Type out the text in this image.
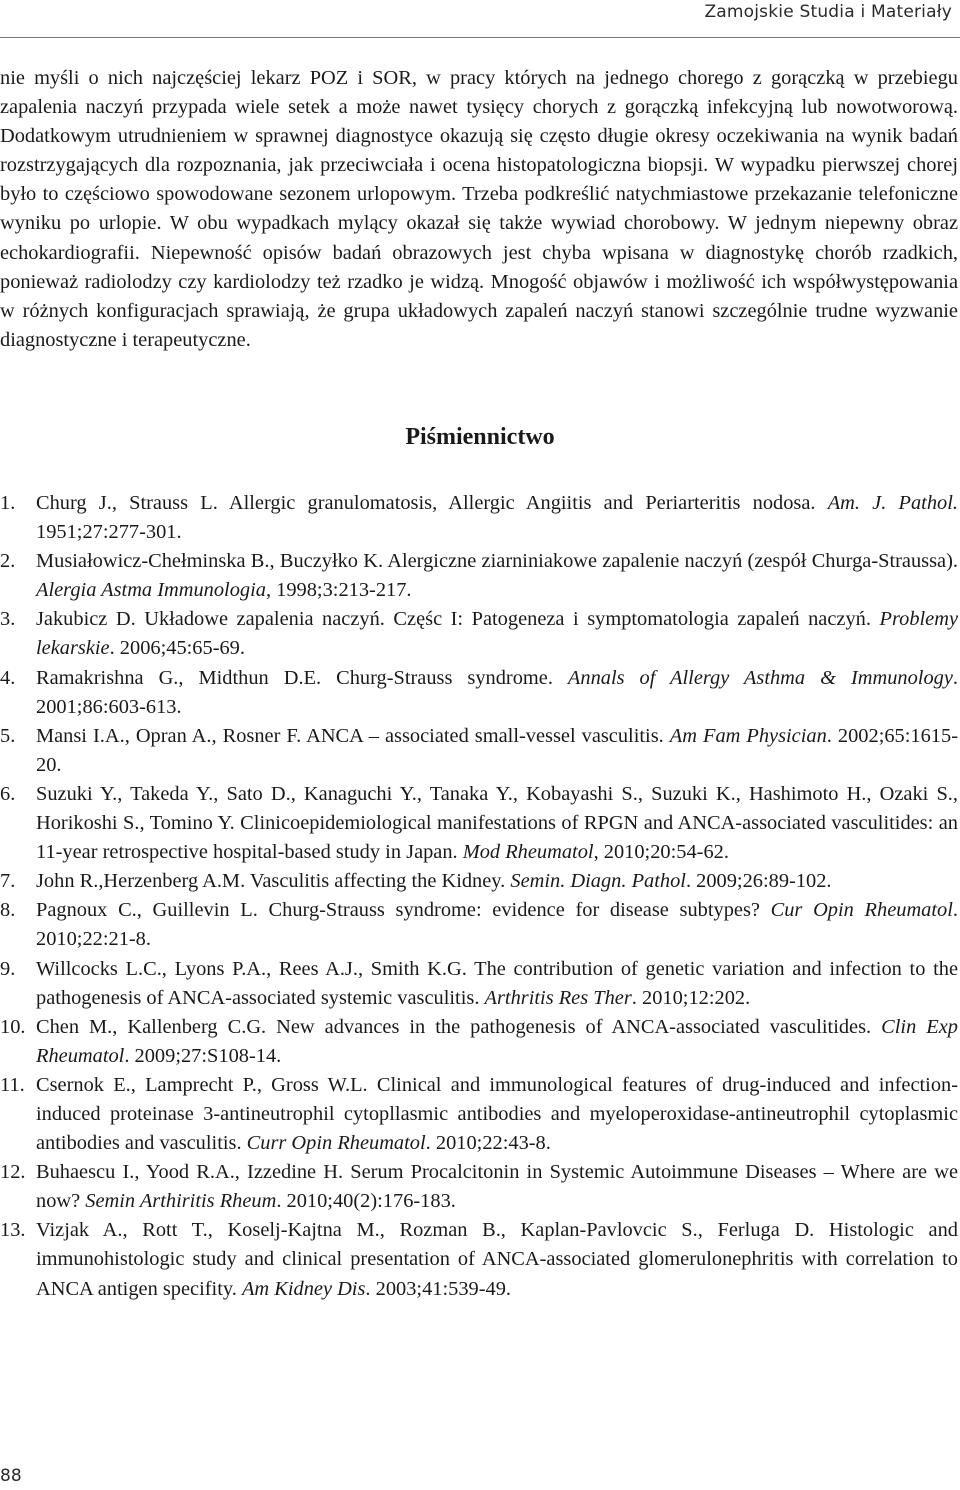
Zamojskie Studia i Materiały

nie myśli o nich najczęściej lekarz POZ i SOR, w pracy których na jednego chorego z gorączką w przebiegu zapalenia naczyń przypada wiele setek a może nawet tysięcy chorych z gorączką infekcyjną lub nowotworową. Dodatkowym utrudnieniem w sprawnej diagnostyce okazują się często długie okresy oczekiwania na wynik badań rozstrzygających dla rozpoznania, jak przeciwciała i ocena histopatologiczna biopsji. W wypadku pierwszej chorej było to częściowo spowodowane sezonem urlopowym. Trzeba podkreślić natychmiastowe przekazanie telefoniczne wyniku po urlopie. W obu wypadkach mylący okazał się także wywiad chorobowy. W jednym niepewny obraz echokardiografii. Niepewność opisów badań obrazowych jest chyba wpisana w diagnostykę chorób rzadkich, ponieważ radiolodzy czy kardiolodzy też rzadko je widzą. Mnogość objawów i możliwość ich współwystępowania w różnych konfiguracjach sprawiają, że grupa układowych zapaleń naczyń stanowi szczególnie trudne wyzwanie diagnostyczne i terapeutyczne.

Piśmiennictwo
1. Churg J., Strauss L. Allergic granulomatosis, Allergic Angiitis and Periarteritis nodosa. Am. J. Pathol. 1951;27:277-301.
2. Musiałowicz-Chełminska B., Buczyłko K. Alergiczne ziarniniakowe zapalenie naczyń (zespół Churga-Straussa). Alergia Astma Immunologia, 1998;3:213-217.
3. Jakubicz D. Układowe zapalenia naczyń. Częśc I: Patogeneza i symptomatologia zapaleń naczyń. Problemy lekarskie. 2006;45:65-69.
4. Ramakrishna G., Midthun D.E. Churg-Strauss syndrome. Annals of Allergy Asthma & Immunology. 2001;86:603-613.
5. Mansi I.A., Opran A., Rosner F. ANCA – associated small-vessel vasculitis. Am Fam Physician. 2002;65:1615-20.
6. Suzuki Y., Takeda Y., Sato D., Kanaguchi Y., Tanaka Y., Kobayashi S., Suzuki K., Hashimoto H., Ozaki S., Horikoshi S., Tomino Y. Clinicoepidemiological manifestations of RPGN and ANCA-associated vasculitides: an 11-year retrospective hospital-based study in Japan. Mod Rheumatol, 2010;20:54-62.
7. John R.,Herzenberg A.M. Vasculitis affecting the Kidney. Semin. Diagn. Pathol. 2009;26:89-102.
8. Pagnoux C., Guillevin L. Churg-Strauss syndrome: evidence for disease subtypes? Cur Opin Rheumatol. 2010;22:21-8.
9. Willcocks L.C., Lyons P.A., Rees A.J., Smith K.G. The contribution of genetic variation and infection to the pathogenesis of ANCA-associated systemic vasculitis. Arthritis Res Ther. 2010;12:202.
10. Chen M., Kallenberg C.G. New advances in the pathogenesis of ANCA-associated vasculitides. Clin Exp Rheumatol. 2009;27:S108-14.
11. Csernok E., Lamprecht P., Gross W.L. Clinical and immunological features of drug-induced and infection-induced proteinase 3-antineutrophil cytopllasmic antibodies and myeloperoxidase-antineutrophil cytoplasmic antibodies and vasculitis. Curr Opin Rheumatol. 2010;22:43-8.
12. Buhaescu I., Yood R.A., Izzedine H. Serum Procalcitonin in Systemic Autoimmune Diseases – Where are we now? Semin Arthiritis Rheum. 2010;40(2):176-183.
13. Vizjak A., Rott T., Koselj-Kajtna M., Rozman B., Kaplan-Pavlovcic S., Ferluga D. Histologic and immunohistologic study and clinical presentation of ANCA-associated glomerulonephritis with correlation to ANCA antigen specifity. Am Kidney Dis. 2003;41:539-49.
88
